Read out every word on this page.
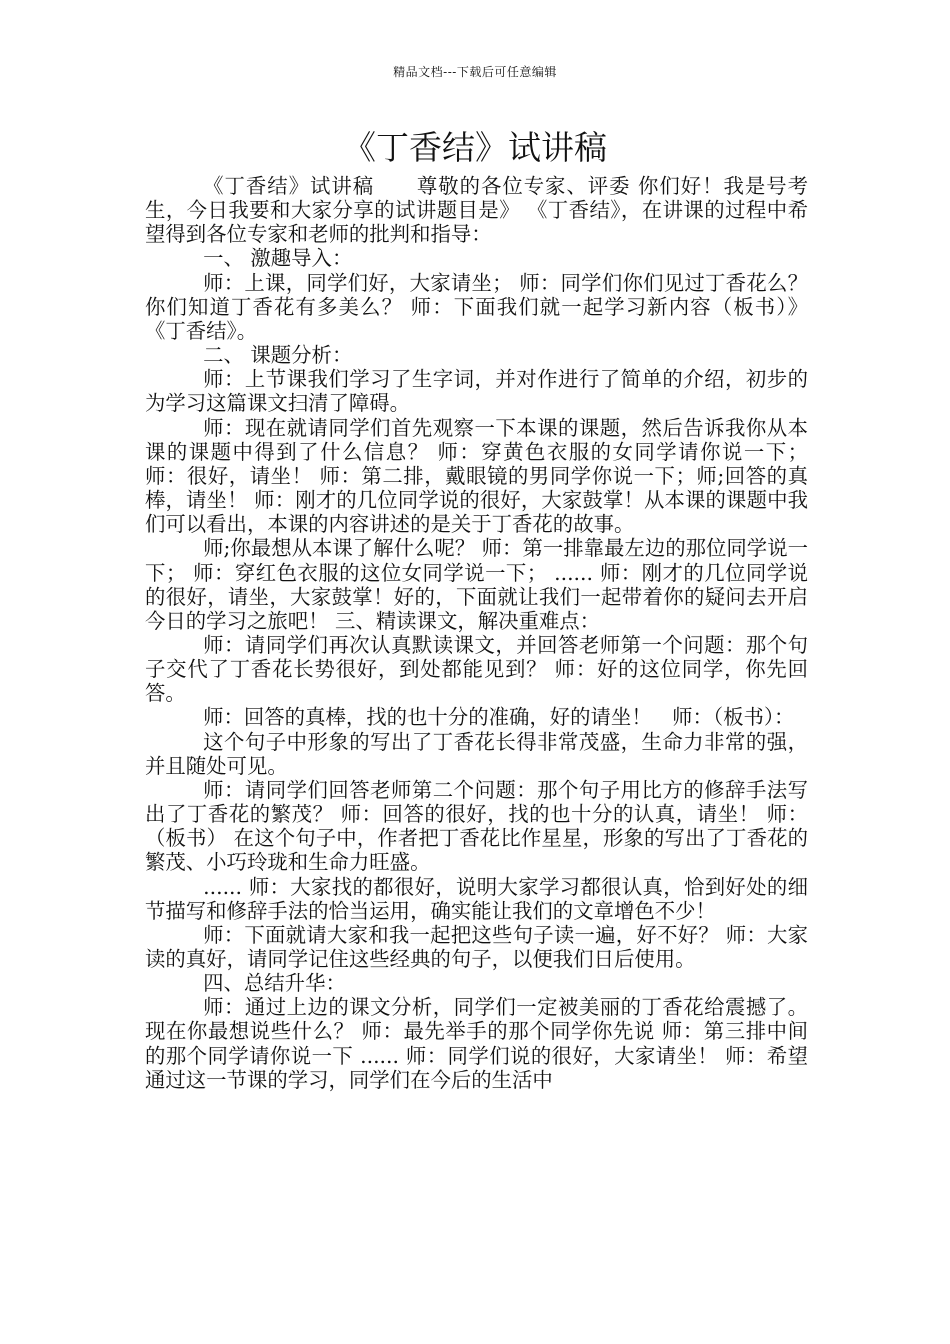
精品文档---下载后可任意编辑
《丁香结》试讲稿

《丁香结》试讲稿　　尊敬的各位专家、评委 你们好！我是号考生，今日我要和大家分享的试讲题目是》 《丁香结》，在讲课的过程中希望得到各位专家和老师的批判和指导：

一、 激趣导入：

师：上课，同学们好，大家请坐； 师：同学们你们见过丁香花么？你们知道丁香花有多美么？ 师：下面我们就一起学习新内容（板书）》 《丁香结》。

二、 课题分析：

师：上节课我们学习了生字词，并对作进行了简单的介绍，初步的为学习这篇课文扫清了障碍。

师：现在就请同学们首先观察一下本课的课题，然后告诉我你从本课的课题中得到了什么信息？ 师：穿黄色衣服的女同学请你说一下； 师：很好，请坐！ 师：第二排，戴眼镜的男同学你说一下；师;回答的真棒，请坐！ 师：刚才的几位同学说的很好，大家鼓掌！从本课的课题中我们可以看出，本课的内容讲述的是关于丁香花的故事。

师;你最想从本课了解什么呢？ 师：第一排靠最左边的那位同学说一下； 师：穿红色衣服的这位女同学说一下； ...... 师：刚才的几位同学说的很好，请坐，大家鼓掌！好的，下面就让我们一起带着你的疑问去开启今日的学习之旅吧！ 三、精读课文，解决重难点：

师：请同学们再次认真默读课文，并回答老师第一个问题：那个句子交代了丁香花长势很好，到处都能见到？ 师：好的这位同学，你先回答。

师：回答的真棒，找的也十分的准确，好的请坐！　师：（板书）：

这个句子中形象的写出了丁香花长得非常茂盛，生命力非常的强，并且随处可见。

师：请同学们回答老师第二个问题：那个句子用比方的修辞手法写出了丁香花的繁茂？ 师：回答的很好，找的也十分的认真，请坐！ 师：（板书） 在这个句子中，作者把丁香花比作星星，形象的写出了丁香花的繁茂、小巧玲珑和生命力旺盛。

...... 师：大家找的都很好，说明大家学习都很认真，恰到好处的细节描写和修辞手法的恰当运用，确实能让我们的文章增色不少！

师：下面就请大家和我一起把这些句子读一遍，好不好？ 师：大家读的真好，请同学记住这些经典的句子，以便我们日后使用。

四、总结升华：

师：通过上边的课文分析，同学们一定被美丽的丁香花给震撼了。现在你最想说些什么？ 师：最先举手的那个同学你先说 师：第三排中间的那个同学请你说一下 ...... 师：同学们说的很好，大家请坐！ 师：希望通过这一节课的学习，同学们在今后的生活中
